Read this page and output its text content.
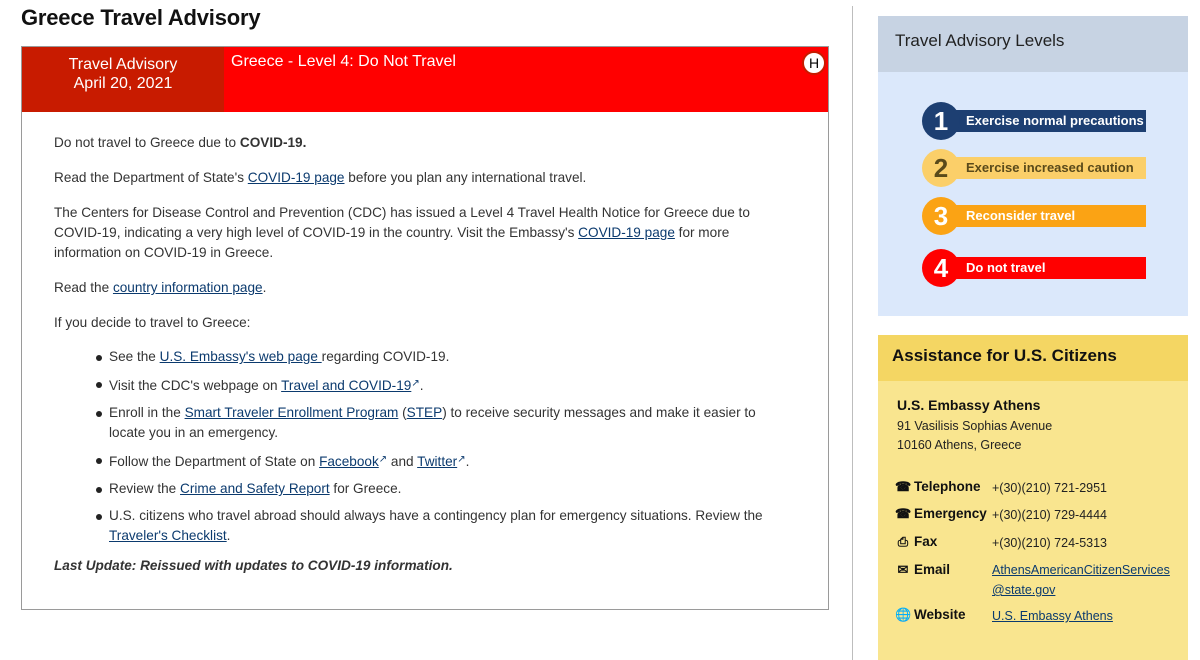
Greece Travel Advisory
Travel Advisory
April 20, 2021
Greece - Level 4: Do Not Travel	H

Do not travel to Greece due to COVID-19.

Read the Department of State's COVID-19 page before you plan any international travel.

The Centers for Disease Control and Prevention (CDC) has issued a Level 4 Travel Health Notice for Greece due to COVID-19, indicating a very high level of COVID-19 in the country. Visit the Embassy's COVID-19 page for more information on COVID-19 in Greece.

Read the country information page.

If you decide to travel to Greece:

See the U.S. Embassy's web page regarding COVID-19.
Visit the CDC's webpage on Travel and COVID-19↗.
Enroll in the Smart Traveler Enrollment Program (STEP) to receive security messages and make it easier to locate you in an emergency.
Follow the Department of State on Facebook↗ and Twitter↗.
Review the Crime and Safety Report for Greece.
U.S. citizens who travel abroad should always have a contingency plan for emergency situations. Review the Traveler's Checklist.
Last Update: Reissued with updates to COVID-19 information.
Travel Advisory Levels
Exercise normal precautions
1
Exercise increased caution
2
Reconsider travel
3
Do not travel
4
Assistance for U.S. Citizens
U.S. Embassy Athens
91 Vasilisis Sophias Avenue
10160 Athens, Greece
☎ Telephone +(30)(210) 721-2951
☎ Emergency +(30)(210) 729-4444
⎙ Fax	+(30)(210) 724-5313
✉ Email	AthensAmericanCitizenServices
@state.gov
🌐 Website U.S. Embassy Athens
